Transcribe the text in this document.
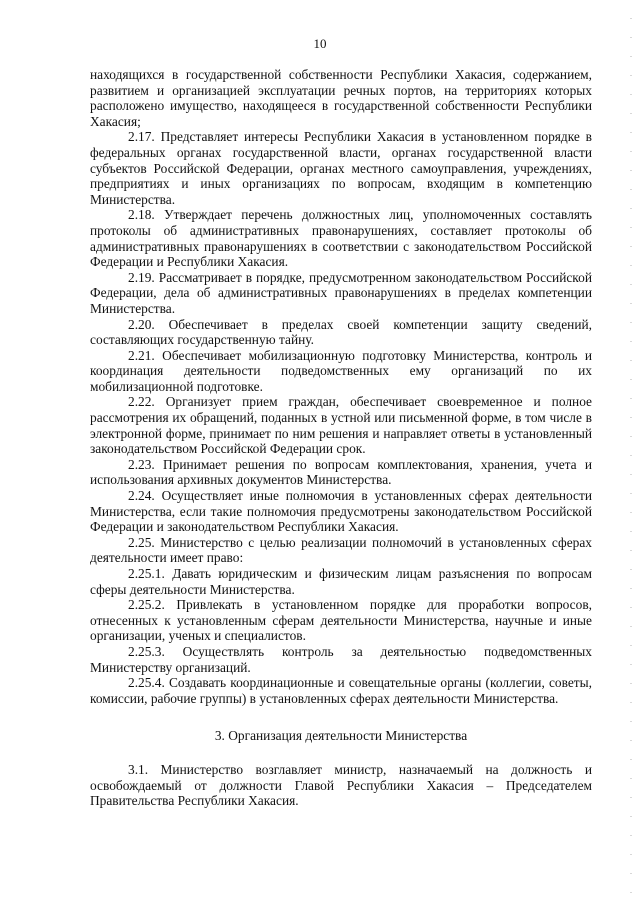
10

находящихся в государственной собственности Республики Хакасия, содержанием, развитием и организацией эксплуатации речных портов, на территориях которых расположено имущество, находящееся в государственной собственности Республики Хакасия;

2.17. Представляет интересы Республики Хакасия в установленном порядке в федеральных органах государственной власти, органах государственной власти субъектов Российской Федерации, органах местного самоуправления, учреждениях, предприятиях и иных организациях по вопросам, входящим в компетенцию Министерства.

2.18. Утверждает перечень должностных лиц, уполномоченных составлять протоколы об административных правонарушениях, составляет протоколы об административных правонарушениях в соответствии с законодательством Российской Федерации и Республики Хакасия.

2.19. Рассматривает в порядке, предусмотренном законодательством Российской Федерации, дела об административных правонарушениях в пределах компетенции Министерства.

2.20. Обеспечивает в пределах своей компетенции защиту сведений, составляющих государственную тайну.

2.21. Обеспечивает мобилизационную подготовку Министерства, контроль и координация деятельности подведомственных ему организаций по их мобилизационной подготовке.

2.22. Организует прием граждан, обеспечивает своевременное и полное рассмотрения их обращений, поданных в устной или письменной форме, в том числе в электронной форме, принимает по ним решения и направляет ответы в установленный законодательством Российской Федерации срок.

2.23. Принимает решения по вопросам комплектования, хранения, учета и использования архивных документов Министерства.

2.24. Осуществляет иные полномочия в установленных сферах деятельности Министерства, если такие полномочия предусмотрены законодательством Российской Федерации и законодательством Республики Хакасия.

2.25. Министерство с целью реализации полномочий в установленных сферах деятельности имеет право:

2.25.1. Давать юридическим и физическим лицам разъяснения по вопросам сферы деятельности Министерства.

2.25.2. Привлекать в установленном порядке для проработки вопросов, отнесенных к установленным сферам деятельности Министерства, научные и иные организации, ученых и специалистов.

2.25.3. Осуществлять контроль за деятельностью подведомственных Министерству организаций.

2.25.4. Создавать координационные и совещательные органы (коллегии, советы, комиссии, рабочие группы) в установленных сферах деятельности Министерства.

3. Организация деятельности Министерства

3.1. Министерство возглавляет министр, назначаемый на должность и освобождаемый от должности Главой Республики Хакасия – Председателем Правительства Республики Хакасия.
